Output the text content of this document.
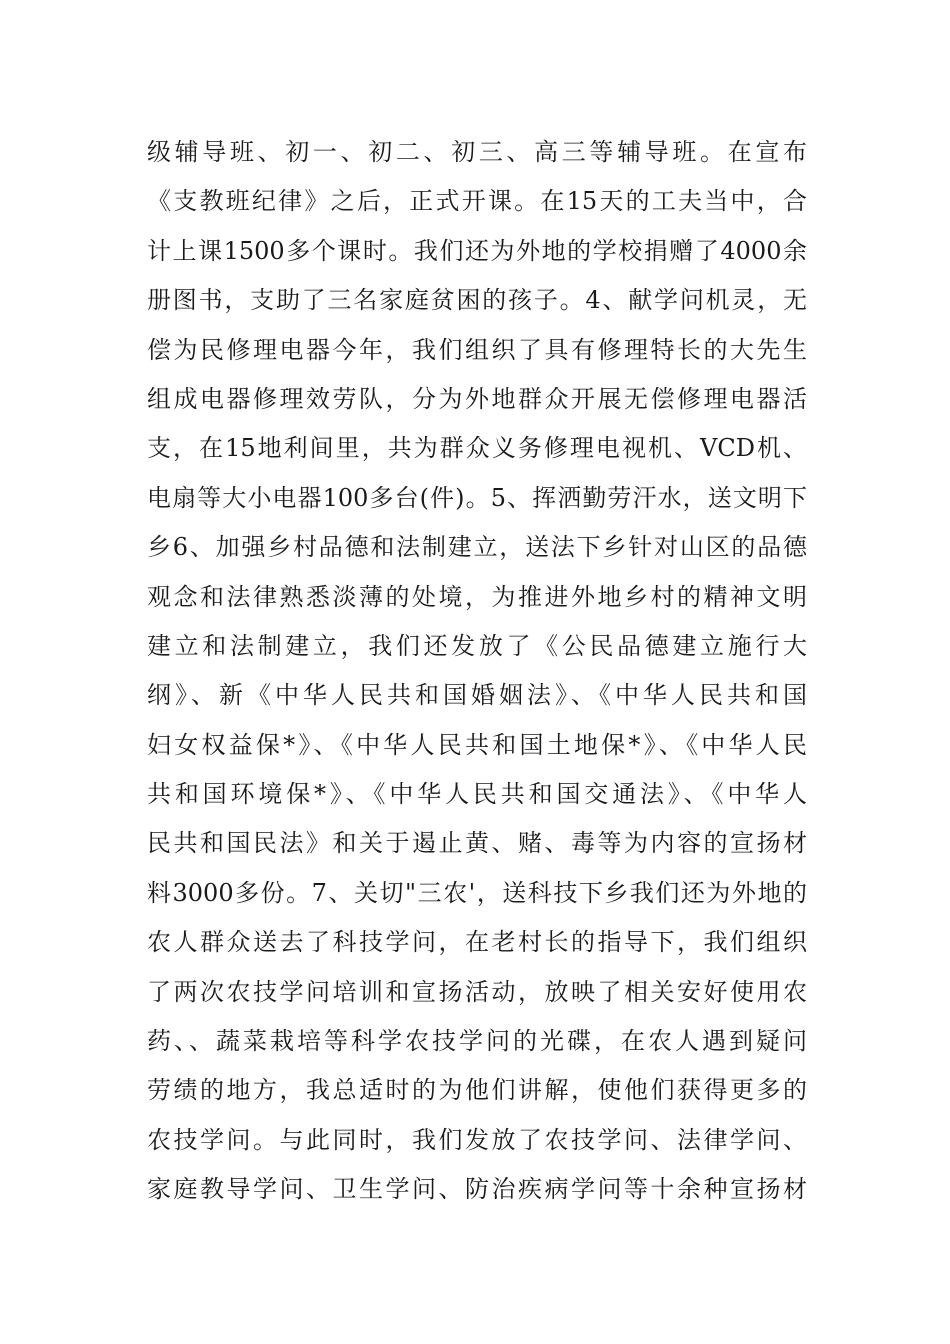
级辅导班、初一、初二、初三、高三等辅导班。在宣布
《支教班纪律》之后，正式开课。在15天的工夫当中，合
计上课1500多个课时。我们还为外地的学校捐赠了4000余
册图书，支助了三名家庭贫困的孩子。4、献学问机灵，无
偿为民修理电器今年，我们组织了具有修理特长的大先生
组成电器修理效劳队，分为外地群众开展无偿修理电器活
支，在15地利间里，共为群众义务修理电视机、VCD机、
电扇等大小电器100多台(件)。5、挥洒勤劳汗水，送文明下
乡6、加强乡村品德和法制建立，送法下乡针对山区的品德
观念和法律熟悉淡薄的处境，为推进外地乡村的精神文明
建立和法制建立，我们还发放了《公民品德建立施行大
纲》、新《中华人民共和国婚姻法》、《中华人民共和国
妇女权益保*》、《中华人民共和国土地保*》、《中华人民
共和国环境保*》、《中华人民共和国交通法》、《中华人
民共和国民法》和关于遏止黄、赌、毒等为内容的宣扬材
料3000多份。7、关切"三农'，送科技下乡我们还为外地的
农人群众送去了科技学问，在老村长的指导下，我们组织
了两次农技学问培训和宣扬活动，放映了相关安好使用农
药、、蔬菜栽培等科学农技学问的光碟，在农人遇到疑问
劳绩的地方，我总适时的为他们讲解，使他们获得更多的
农技学问。与此同时，我们发放了农技学问、法律学问、
家庭教导学问、卫生学问、防治疾病学问等十余种宣扬材
